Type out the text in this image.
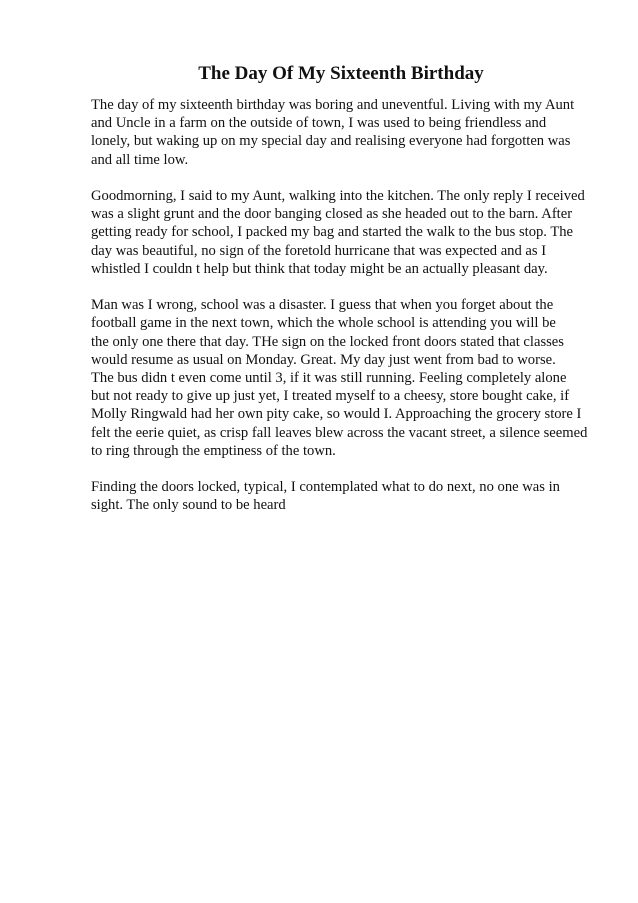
The Day Of My Sixteenth Birthday

The day of my sixteenth birthday was boring and uneventful. Living with my Aunt
and Uncle in a farm on the outside of town, I was used to being friendless and
lonely, but waking up on my special day and realising everyone had forgotten was
and all time low.

Goodmorning, I said to my Aunt, walking into the kitchen. The only reply I received
was a slight grunt and the door banging closed as she headed out to the barn. After
getting ready for school, I packed my bag and started the walk to the bus stop. The
day was beautiful, no sign of the foretold hurricane that was expected and as I
whistled I couldn t help but think that today might be an actually pleasant day.

Man was I wrong, school was a disaster. I guess that when you forget about the
football game in the next town, which the whole school is attending you will be
the only one there that day. THe sign on the locked front doors stated that classes
would resume as usual on Monday. Great. My day just went from bad to worse.
The bus didn t even come until 3, if it was still running. Feeling completely alone
but not ready to give up just yet, I treated myself to a cheesy, store bought cake, if
Molly Ringwald had her own pity cake, so would I. Approaching the grocery store I
felt the eerie quiet, as crisp fall leaves blew across the vacant street, a silence seemed
to ring through the emptiness of the town.

Finding the doors locked, typical, I contemplated what to do next, no one was in
sight. The only sound to be heard
